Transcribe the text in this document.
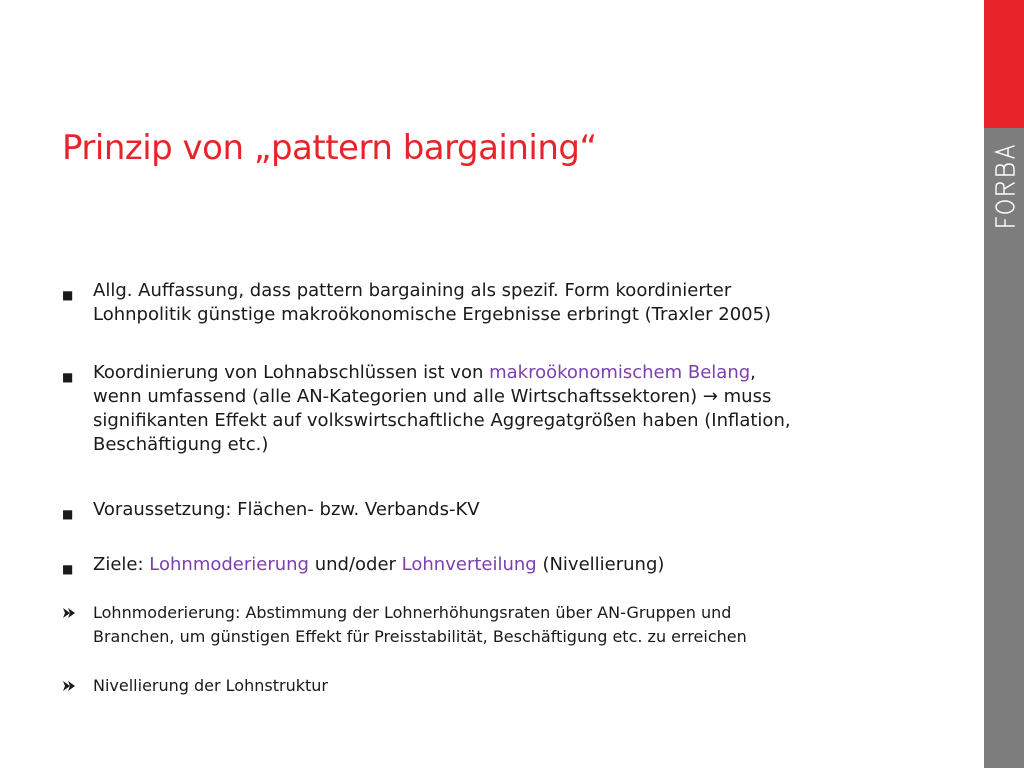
Prinzip von „pattern bargaining“
■	Allg. Auffassung, dass pattern bargaining als spezif. Form koordinierter
Lohnpolitik günstige makroökonomische Ergebnisse erbringt (Traxler 2005)
■	Koordinierung von Lohnabschlüssen ist von makroökonomischem Belang,
wenn umfassend (alle AN-Kategorien und alle Wirtschaftssektoren) → muss
signifikanten Effekt auf volkswirtschaftliche Aggregatgrößen haben (Inflation,
Beschäftigung etc.)
■	Voraussetzung: Flächen- bzw. Verbands-KV
■	Ziele: Lohnmoderierung und/oder Lohnverteilung (Nivellierung)
Lohnmoderierung: Abstimmung der Lohnerhöhungsraten über AN-Gruppen und
Branchen, um günstigen Effekt für Preisstabilität, Beschäftigung etc. zu erreichen
Nivellierung der Lohnstruktur
